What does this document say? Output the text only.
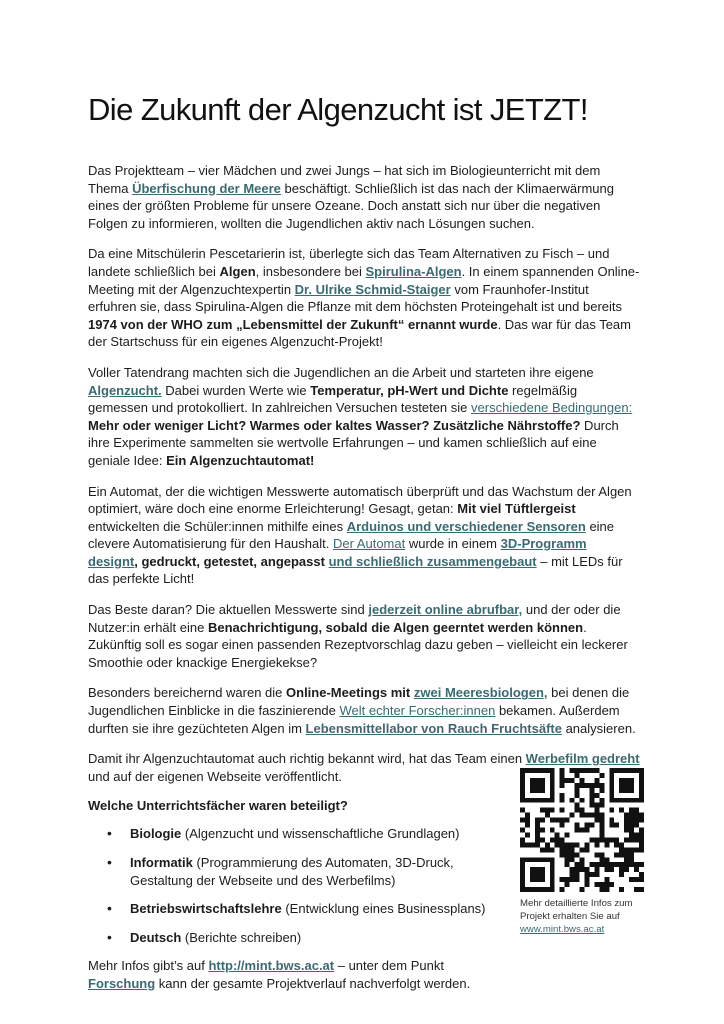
Die Zukunft der Algenzucht ist JETZT!

Das Projektteam – vier Mädchen und zwei Jungs – hat sich im Biologieunterricht mit dem Thema Überfischung der Meere beschäftigt. Schließlich ist das nach der Klimaerwärmung eines der größten Probleme für unsere Ozeane. Doch anstatt sich nur über die negativen Folgen zu informieren, wollten die Jugendlichen aktiv nach Lösungen suchen.

Da eine Mitschülerin Pescetarierin ist, überlegte sich das Team Alternativen zu Fisch – und landete schließlich bei Algen, insbesondere bei Spirulina-Algen. In einem spannenden Online-Meeting mit der Algenzuchtexpertin Dr. Ulrike Schmid-Staiger vom Fraunhofer-Institut erfuhren sie, dass Spirulina-Algen die Pflanze mit dem höchsten Proteingehalt ist und bereits 1974 von der WHO zum „Lebensmittel der Zukunft“ ernannt wurde. Das war für das Team der Startschuss für ein eigenes Algenzucht-Projekt!

Voller Tatendrang machten sich die Jugendlichen an die Arbeit und starteten ihre eigene Algenzucht. Dabei wurden Werte wie Temperatur, pH-Wert und Dichte regelmäßig gemessen und protokolliert. In zahlreichen Versuchen testeten sie verschiedene Bedingungen: Mehr oder weniger Licht? Warmes oder kaltes Wasser? Zusätzliche Nährstoffe? Durch ihre Experimente sammelten sie wertvolle Erfahrungen – und kamen schließlich auf eine geniale Idee: Ein Algenzuchtautomat!

Ein Automat, der die wichtigen Messwerte automatisch überprüft und das Wachstum der Algen optimiert, wäre doch eine enorme Erleichterung! Gesagt, getan: Mit viel Tüftlergeist entwickelten die Schüler:innen mithilfe eines Arduinos und verschiedener Sensoren eine clevere Automatisierung für den Haushalt. Der Automat wurde in einem 3D-Programm designt, gedruckt, getestet, angepasst und schließlich zusammengebaut – mit LEDs für das perfekte Licht!

Das Beste daran? Die aktuellen Messwerte sind jederzeit online abrufbar, und der oder die Nutzer:in erhält eine Benachrichtigung, sobald die Algen geerntet werden können. Zukünftig soll es sogar einen passenden Rezeptvorschlag dazu geben – vielleicht ein leckerer Smoothie oder knackige Energiekekse?

Besonders bereichernd waren die Online-Meetings mit zwei Meeresbiologen, bei denen die Jugendlichen Einblicke in die faszinierende Welt echter Forscher:innen bekamen. Außerdem durften sie ihre gezüchteten Algen im Lebensmittellabor von Rauch Fruchtsäfte analysieren.

Damit ihr Algenzuchtautomat auch richtig bekannt wird, hat das Team einen Werbefilm gedreht und auf der eigenen Webseite veröffentlicht.

Welche Unterrichtsfächer waren beteiligt?
• Biologie (Algenzucht und wissenschaftliche Grundlagen)
• Informatik (Programmierung des Automaten, 3D-Druck, Gestaltung der Webseite und des Werbefilms)
• Betriebswirtschaftslehre (Entwicklung eines Businessplans)
• Deutsch (Berichte schreiben)

Mehr Infos gibt’s auf http://mint.bws.ac.at – unter dem Punkt Forschung kann der gesamte Projektverlauf nachverfolgt werden.

Mehr detaillierte Infos zum Projekt erhalten Sie auf www.mint.bws.ac.at
